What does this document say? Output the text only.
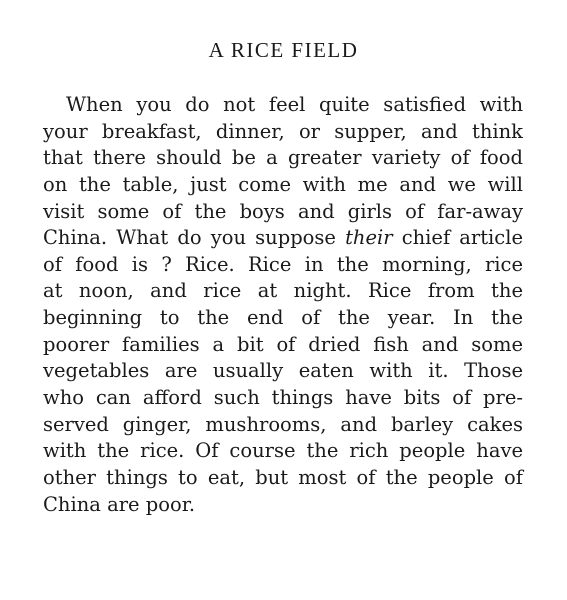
A RICE FIELD
When you do not feel quite satisfied with
your breakfast, dinner, or supper, and think
that there should be a greater variety of food
on the table, just come with me and we will
visit some of the boys and girls of far-away
China. What do you suppose their chief article
of food is ? Rice. Rice in the morning, rice
at noon, and rice at night. Rice from the
beginning to the end of the year. In the
poorer families a bit of dried fish and some
vegetables are usually eaten with it. Those
who can afford such things have bits of pre-
served ginger, mushrooms, and barley cakes
with the rice. Of course the rich people have
other things to eat, but most of the people of
China are poor.
